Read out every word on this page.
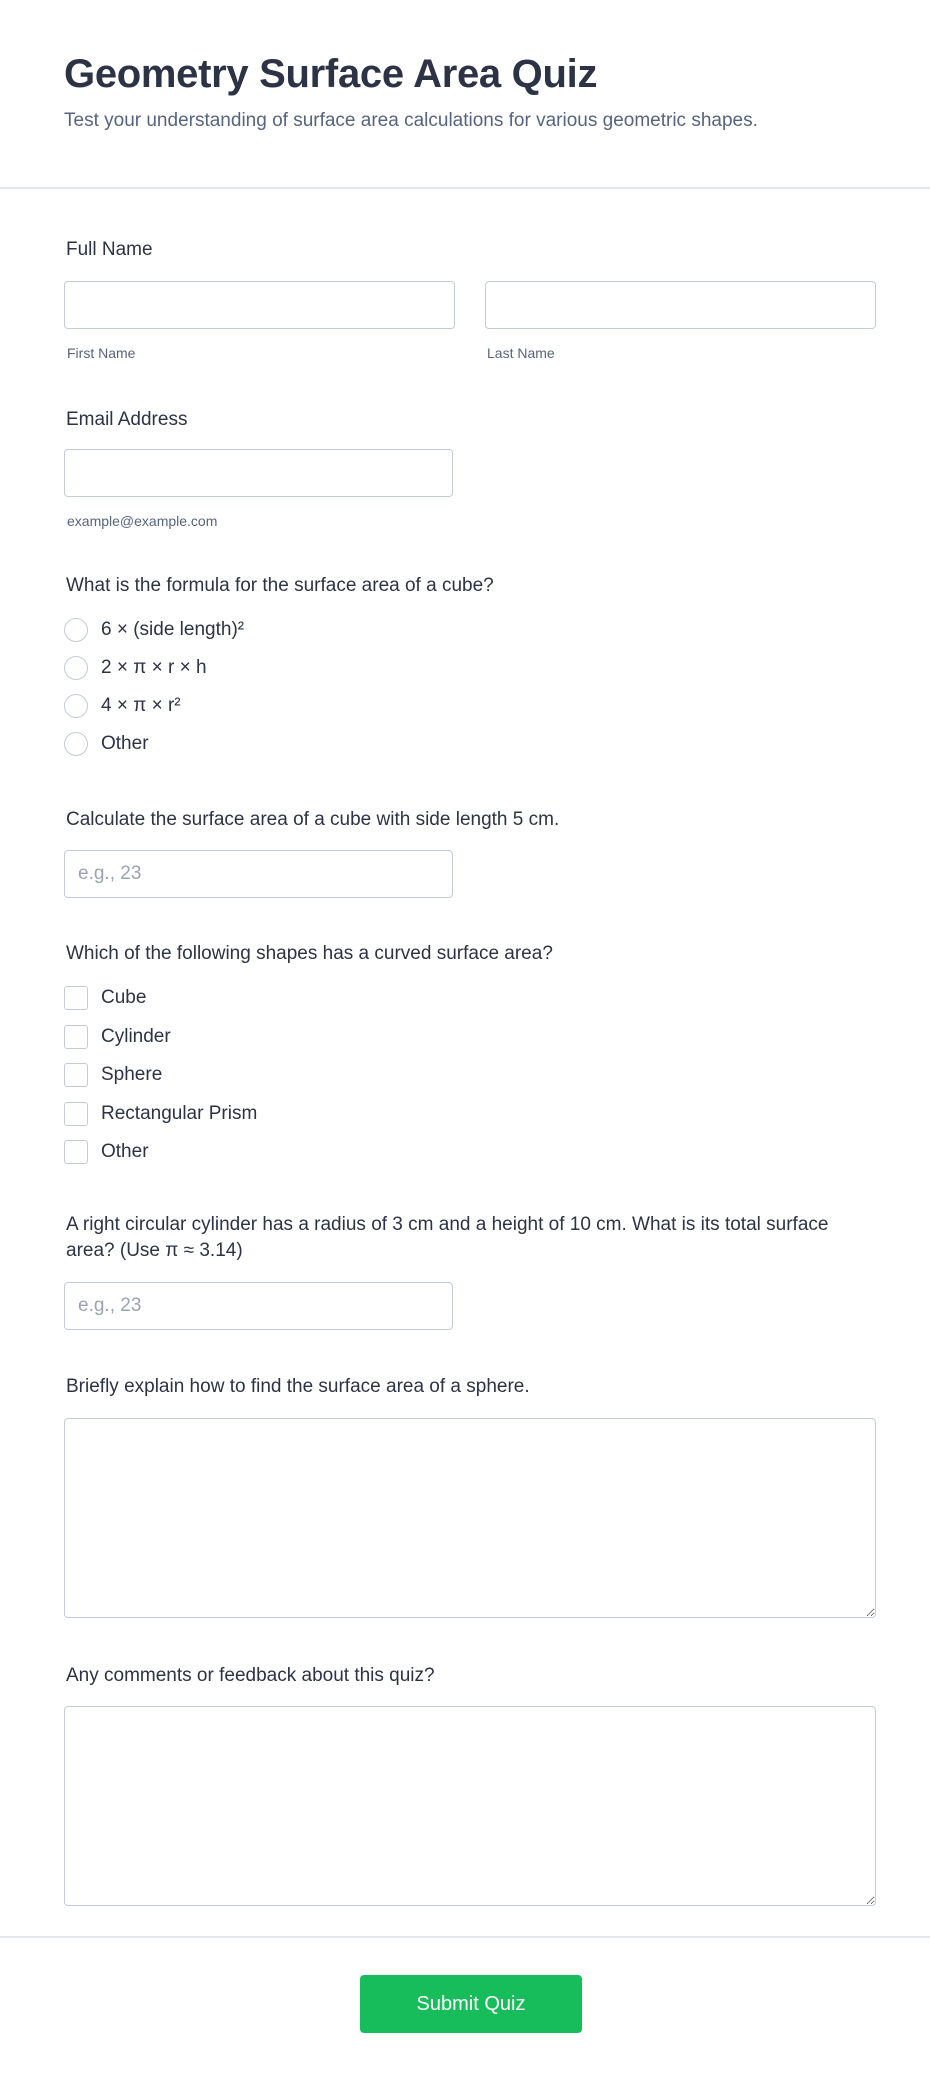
Geometry Surface Area Quiz
Test your understanding of surface area calculations for various geometric shapes.
Full Name
First Name	Last Name
Email Address
example@example.com
What is the formula for the surface area of a cube?
6 × (side length)²
2 × π × r × h
4 × π × r²
Other
Calculate the surface area of a cube with side length 5 cm.
e.g., 23
Which of the following shapes has a curved surface area?
Cube
Cylinder
Sphere
Rectangular Prism
Other
A right circular cylinder has a radius of 3 cm and a height of 10 cm. What is its total surface area? (Use π ≈ 3.14)
e.g., 23
Briefly explain how to find the surface area of a sphere.
Any comments or feedback about this quiz?
Submit Quiz
